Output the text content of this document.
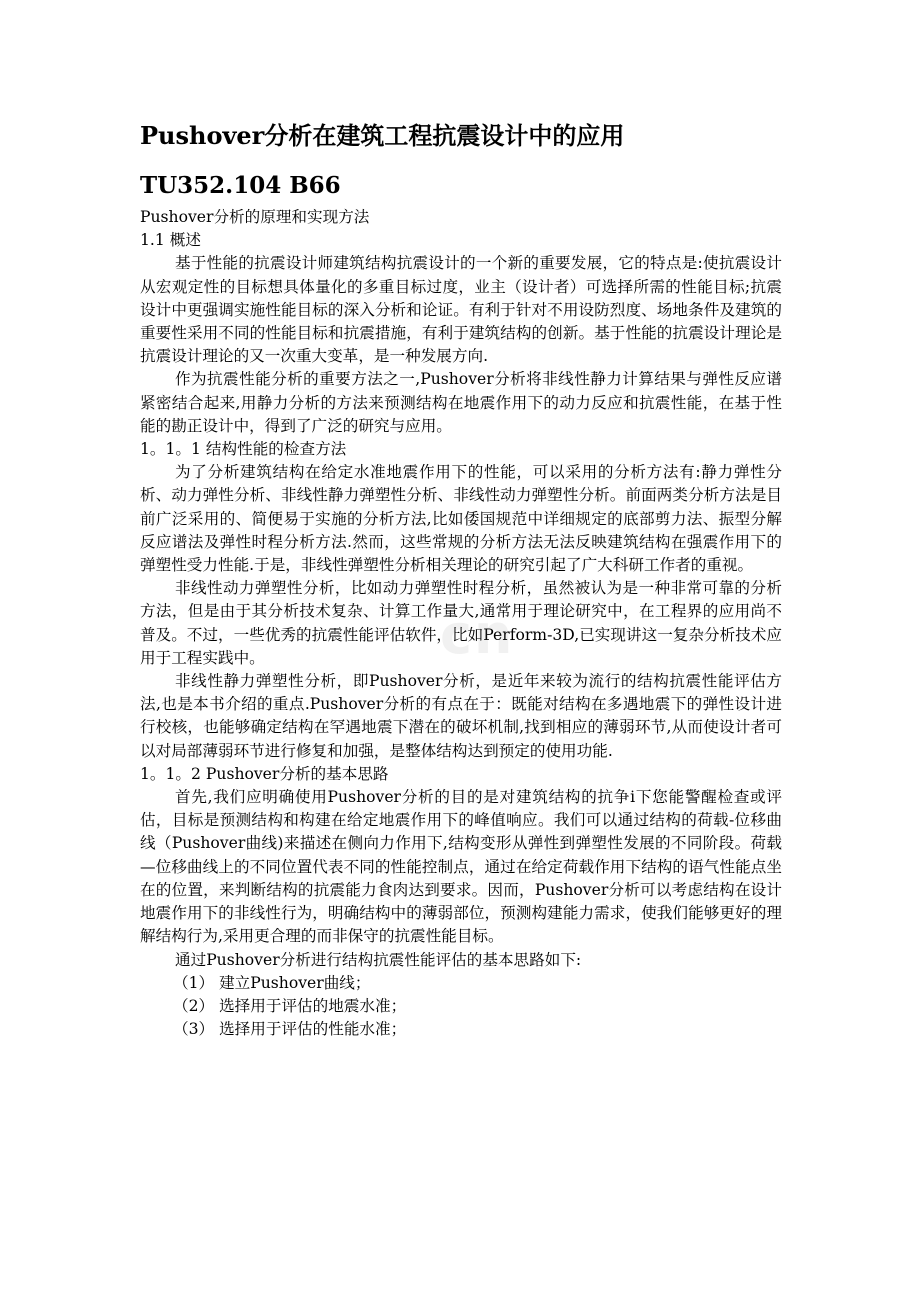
Pushover分析在建筑工程抗震设计中的应用
TU352.104 B66

Pushover分析的原理和实现方法

1.1 概述

基于性能的抗震设计师建筑结构抗震设计的一个新的重要发展，它的特点是:使抗震设计从宏观定性的目标想具体量化的多重目标过度，业主（设计者）可选择所需的性能目标;抗震设计中更强调实施性能目标的深入分析和论证。有利于针对不用设防烈度、场地条件及建筑的重要性采用不同的性能目标和抗震措施，有利于建筑结构的创新。基于性能的抗震设计理论是抗震设计理论的又一次重大变革，是一种发展方向.

作为抗震性能分析的重要方法之一,Pushover分析将非线性静力计算结果与弹性反应谱紧密结合起来,用静力分析的方法来预测结构在地震作用下的动力反应和抗震性能，在基于性能的勘正设计中，得到了广泛的研究与应用。

1。1。1 结构性能的检查方法

为了分析建筑结构在给定水准地震作用下的性能，可以采用的分析方法有:静力弹性分析、动力弹性分析、非线性静力弹塑性分析、非线性动力弹塑性分析。前面两类分析方法是目前广泛采用的、简便易于实施的分析方法,比如倭国规范中详细规定的底部剪力法、振型分解反应谱法及弹性时程分析方法.然而，这些常规的分析方法无法反映建筑结构在强震作用下的弹塑性受力性能.于是，非线性弹塑性分析相关理论的研究引起了广大科研工作者的重视。

非线性动力弹塑性分析，比如动力弹塑性时程分析，虽然被认为是一种非常可靠的分析方法，但是由于其分析技术复杂、计算工作量大,通常用于理论研究中，在工程界的应用尚不普及。不过，一些优秀的抗震性能评估软件，比如Perform-3D,已实现讲这一复杂分析技术应用于工程实践中。

非线性静力弹塑性分析，即Pushover分析，是近年来较为流行的结构抗震性能评估方法,也是本书介绍的重点.Pushover分析的有点在于：既能对结构在多遇地震下的弹性设计进行校核，也能够确定结构在罕遇地震下潜在的破坏机制,找到相应的薄弱环节,从而使设计者可以对局部薄弱环节进行修复和加强，是整体结构达到预定的使用功能.

1。1。2 Pushover分析的基本思路

首先,我们应明确使用Pushover分析的目的是对建筑结构的抗争i下您能警醒检查或评估，目标是预测结构和构建在给定地震作用下的峰值响应。我们可以通过结构的荷载-位移曲线（Pushover曲线)来描述在侧向力作用下,结构变形从弹性到弹塑性发展的不同阶段。荷载—位移曲线上的不同位置代表不同的性能控制点，通过在给定荷载作用下结构的语气性能点坐在的位置，来判断结构的抗震能力食肉达到要求。因而，Pushover分析可以考虑结构在设计地震作用下的非线性行为，明确结构中的薄弱部位，预测构建能力需求，使我们能够更好的理解结构行为,采用更合理的而非保守的抗震性能目标。

通过Pushover分析进行结构抗震性能评估的基本思路如下:

（1） 建立Pushover曲线；

（2） 选择用于评估的地震水准；

（3） 选择用于评估的性能水准；

cn
